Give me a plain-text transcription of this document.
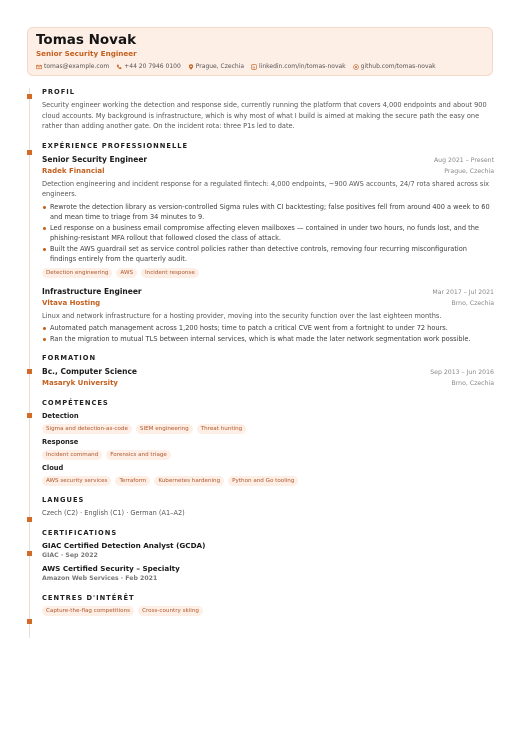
Tomas Novak
Senior Security Engineer
tomas@example.com	+44 20 7946 0100	Prague, Czechia	linkedin.com/in/tomas-novak	github.com/tomas-novak
PROFIL
Security engineer working the detection and response side, currently running the platform that covers 4,000 endpoints and about 900 cloud accounts. My background is infrastructure, which is why most of what I build is aimed at making the secure path the easy one rather than adding another gate. On the incident rota: three P1s led to date.
EXPÉRIENCE PROFESSIONNELLE
Senior Security Engineer	Aug 2021 – Present
Radek Financial	Prague, Czechia
Detection engineering and incident response for a regulated fintech: 4,000 endpoints, ~900 AWS accounts, 24/7 rota shared across six engineers.
Rewrote the detection library as version-controlled Sigma rules with CI backtesting; false positives fell from around 400 a week to 60 and mean time to triage from 34 minutes to 9.
Led response on a business email compromise affecting eleven mailboxes — contained in under two hours, no funds lost, and the phishing-resistant MFA rollout that followed closed the class of attack.
Built the AWS guardrail set as service control policies rather than detective controls, removing four recurring misconfiguration findings entirely from the quarterly audit.
Detection engineering	AWS	Incident response
Infrastructure Engineer	Mar 2017 – Jul 2021
Vltava Hosting	Brno, Czechia
Linux and network infrastructure for a hosting provider, moving into the security function over the last eighteen months.
Automated patch management across 1,200 hosts; time to patch a critical CVE went from a fortnight to under 72 hours.
Ran the migration to mutual TLS between internal services, which is what made the later network segmentation work possible.
FORMATION
Bc., Computer Science	Sep 2013 – Jun 2016
Masaryk University	Brno, Czechia
COMPÉTENCES
Detection
Sigma and detection-as-code	SIEM engineering	Threat hunting
Response
Incident command	Forensics and triage
Cloud
AWS security services	Terraform	Kubernetes hardening	Python and Go tooling
LANGUES
Czech (C2) · English (C1) · German (A1–A2)
CERTIFICATIONS
GIAC Certified Detection Analyst (GCDA)
GIAC · Sep 2022
AWS Certified Security – Specialty
Amazon Web Services · Feb 2021
CENTRES D'INTÉRÊT
Capture-the-flag competitions	Cross-country skiing
